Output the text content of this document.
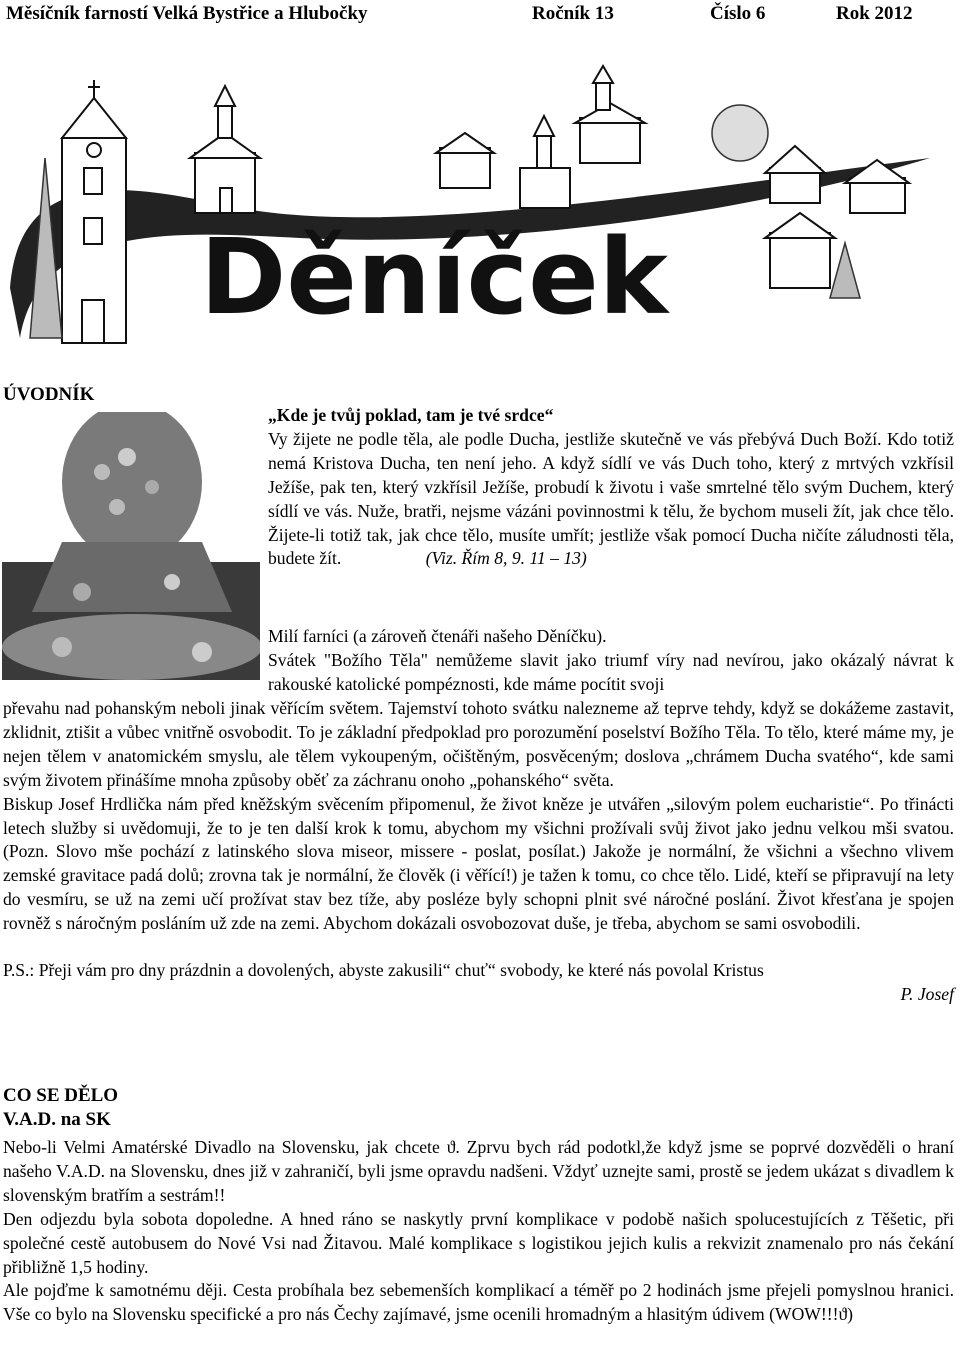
Měsíčník farností Velká Bystřice a Hlubočky	Ročník 13	Číslo 6	Rok 2012
Děníček
ÚVODNÍK

„Kde je tvůj poklad, tam je tvé srdce“

Vy žijete ne podle těla, ale podle Ducha, jestliže skutečně ve vás přebývá Duch Boží. Kdo totiž nemá Kristova Ducha, ten není jeho. A když sídlí ve vás Duch toho, který z mrtvých vzkřísil Ježíše, pak ten, který vzkřísil Ježíše, probudí k životu i vaše smrtelné tělo svým Duchem, který sídlí ve vás. Nuže, bratři, nejsme vázáni povinnostmi k tělu, že bychom museli žít, jak chce tělo. Žijete-li totiž tak, jak chce tělo, musíte umřít; jestliže však pomocí Ducha ničíte záludnosti těla, budete žít.	(Viz. Řím 8, 9. 11 – 13)

Milí farníci (a zároveň čtenáři našeho Děníčku).

Svátek "Božího Těla" nemůžeme slavit jako triumf víry nad nevírou, jako okázalý návrat k rakouské katolické pompéznosti, kde máme pocítit svoji

převahu nad pohanským neboli jinak věřícím světem. Tajemství tohoto svátku nalezneme až teprve tehdy, když se dokážeme zastavit, zklidnit, ztišit a vůbec vnitřně osvobodit. To je základní předpoklad pro porozumění poselství Božího Těla. To tělo, které máme my, je nejen tělem v anatomickém smyslu, ale tělem vykoupeným, očištěným, posvěceným; doslova „chrámem Ducha svatého“, kde sami svým životem přinášíme mnoha způsoby oběť za záchranu onoho „pohanského“ světa.

Biskup Josef Hrdlička nám před kněžským svěcením připomenul, že život kněze je utvářen „silovým polem eucharistie“. Po třinácti letech služby si uvědomuji, že to je ten další krok k tomu, abychom my všichni prožívali svůj život jako jednu velkou mši svatou. (Pozn. Slovo mše pochází z latinského slova miseor, missere - poslat, posílat.) Jakože je normální, že všichni a všechno vlivem zemské gravitace padá dolů; zrovna tak je normální, že člověk (i věřící!) je tažen k tomu, co chce tělo. Lidé, kteří se připravují na lety do vesmíru, se už na zemi učí prožívat stav bez tíže, aby posléze byly schopni plnit své náročné poslání. Život křesťana je spojen rovněž s náročným posláním už zde na zemi. Abychom dokázali osvobozovat duše, je třeba, abychom se sami osvobodili.

P.S.: Přeji vám pro dny prázdnin a dovolených, abyste zakusili“ chuť“ svobody, ke které nás povolal Kristus

P. Josef

CO SE DĚLO
V.A.D. na SK

Nebo-li Velmi Amatérské Divadlo na Slovensku, jak chcete ϑ. Zprvu bych rád podotkl,že když jsme se poprvé dozvěděli o hraní našeho V.A.D. na Slovensku, dnes již v zahraničí, byli jsme opravdu nadšeni. Vždyť uznejte sami, prostě se jedem ukázat s divadlem k slovenským bratřím a sestrám!!

Den odjezdu byla sobota dopoledne. A hned ráno se naskytly první komplikace v podobě našich spolucestujících z Těšetic, při společné cestě autobusem do Nové Vsi nad Žitavou. Malé komplikace s logistikou jejich kulis a rekvizit znamenalo pro nás čekání přibližně 1,5 hodiny.

Ale pojďme k samotnému ději. Cesta probíhala bez sebemenších komplikací a téměř po 2 hodinách jsme přejeli pomyslnou hranici. Vše co bylo na Slovensku specifické a pro nás Čechy zajímavé, jsme ocenili hromadným a hlasitým údivem (WOW!!!ϑ)
